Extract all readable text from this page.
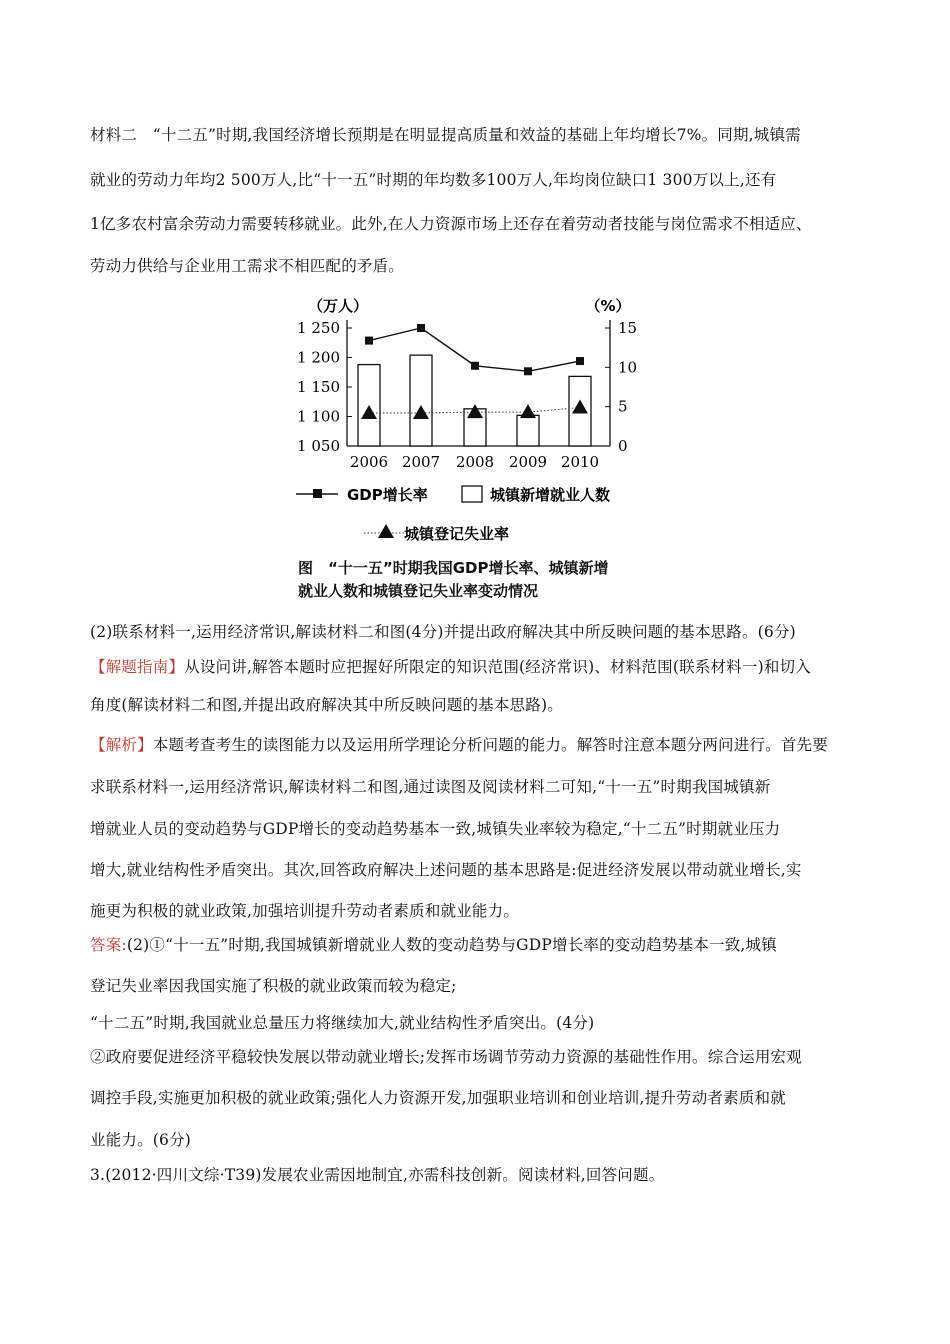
材料二　“十二五”时期,我国经济增长预期是在明显提高质量和效益的基础上年均增长7%。同期,城镇需
就业的劳动力年均2 500万人,比“十一五”时期的年均数多100万人,年均岗位缺口1 300万以上,还有
1亿多农村富余劳动力需要转移就业。此外,在人力资源市场上还存在着劳动者技能与岗位需求不相适应、
劳动力供给与企业用工需求不相匹配的矛盾。
（万人）	（%）
1 250
1 200
1 150
1 100
1 050
15
10
5
0
2006 2007 2008 2009 2010
GDP增长率	城镇新增就业人数
城镇登记失业率
图　“十一五”时期我国GDP增长率、城镇新增
就业人数和城镇登记失业率变动情况
(2)联系材料一,运用经济常识,解读材料二和图(4分)并提出政府解决其中所反映问题的基本思路。(6分)
【解题指南】从设问讲,解答本题时应把握好所限定的知识范围(经济常识)、材料范围(联系材料一)和切入
角度(解读材料二和图,并提出政府解决其中所反映问题的基本思路)。
【解析】本题考查考生的读图能力以及运用所学理论分析问题的能力。解答时注意本题分两问进行。首先要
求联系材料一,运用经济常识,解读材料二和图,通过读图及阅读材料二可知,“十一五”时期我国城镇新
增就业人员的变动趋势与GDP增长的变动趋势基本一致,城镇失业率较为稳定,“十二五”时期就业压力
增大,就业结构性矛盾突出。其次,回答政府解决上述问题的基本思路是:促进经济发展以带动就业增长,实
施更为积极的就业政策,加强培训提升劳动者素质和就业能力。
答案:(2)①“十一五”时期,我国城镇新增就业人数的变动趋势与GDP增长率的变动趋势基本一致,城镇
登记失业率因我国实施了积极的就业政策而较为稳定;
“十二五”时期,我国就业总量压力将继续加大,就业结构性矛盾突出。(4分)
②政府要促进经济平稳较快发展以带动就业增长;发挥市场调节劳动力资源的基础性作用。综合运用宏观
调控手段,实施更加积极的就业政策;强化人力资源开发,加强职业培训和创业培训,提升劳动者素质和就
业能力。(6分)
3.(2012·四川文综·T39)发展农业需因地制宜,亦需科技创新。阅读材料,回答问题。
